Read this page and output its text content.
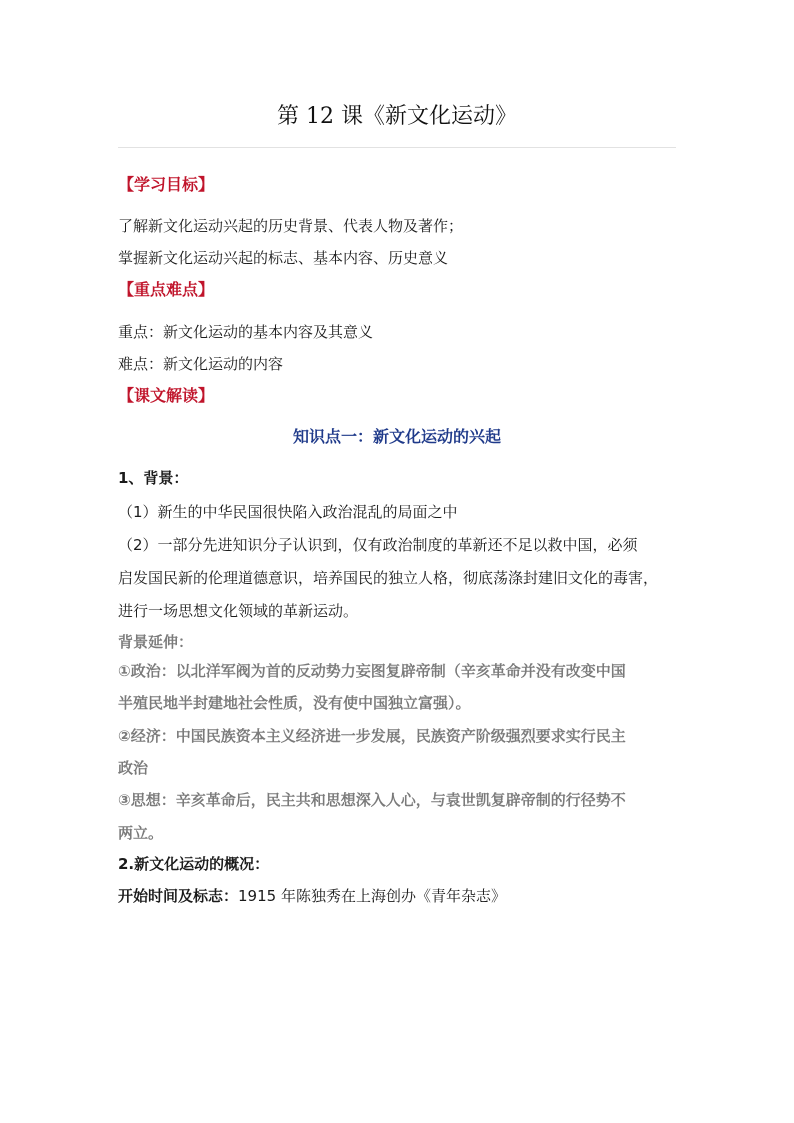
第 12 课《新文化运动》
【学习目标】
了解新文化运动兴起的历史背景、代表人物及著作；
掌握新文化运动兴起的标志、基本内容、历史意义
【重点难点】
重点：新文化运动的基本内容及其意义
难点：新文化运动的内容
【课文解读】
知识点一：新文化运动的兴起
1、背景：
（1）新生的中华民国很快陷入政治混乱的局面之中
（2）一部分先进知识分子认识到，仅有政治制度的革新还不足以救中国，必须
启发国民新的伦理道德意识，培养国民的独立人格，彻底荡涤封建旧文化的毒害，
进行一场思想文化领域的革新运动。
背景延伸：
①政治：以北洋军阀为首的反动势力妄图复辟帝制（辛亥革命并没有改变中国
半殖民地半封建地社会性质，没有使中国独立富强）。
②经济：中国民族资本主义经济进一步发展，民族资产阶级强烈要求实行民主
政治
③思想：辛亥革命后，民主共和思想深入人心，与袁世凯复辟帝制的行径势不
两立。
2.新文化运动的概况：
开始时间及标志：1915 年陈独秀在上海创办《青年杂志》
